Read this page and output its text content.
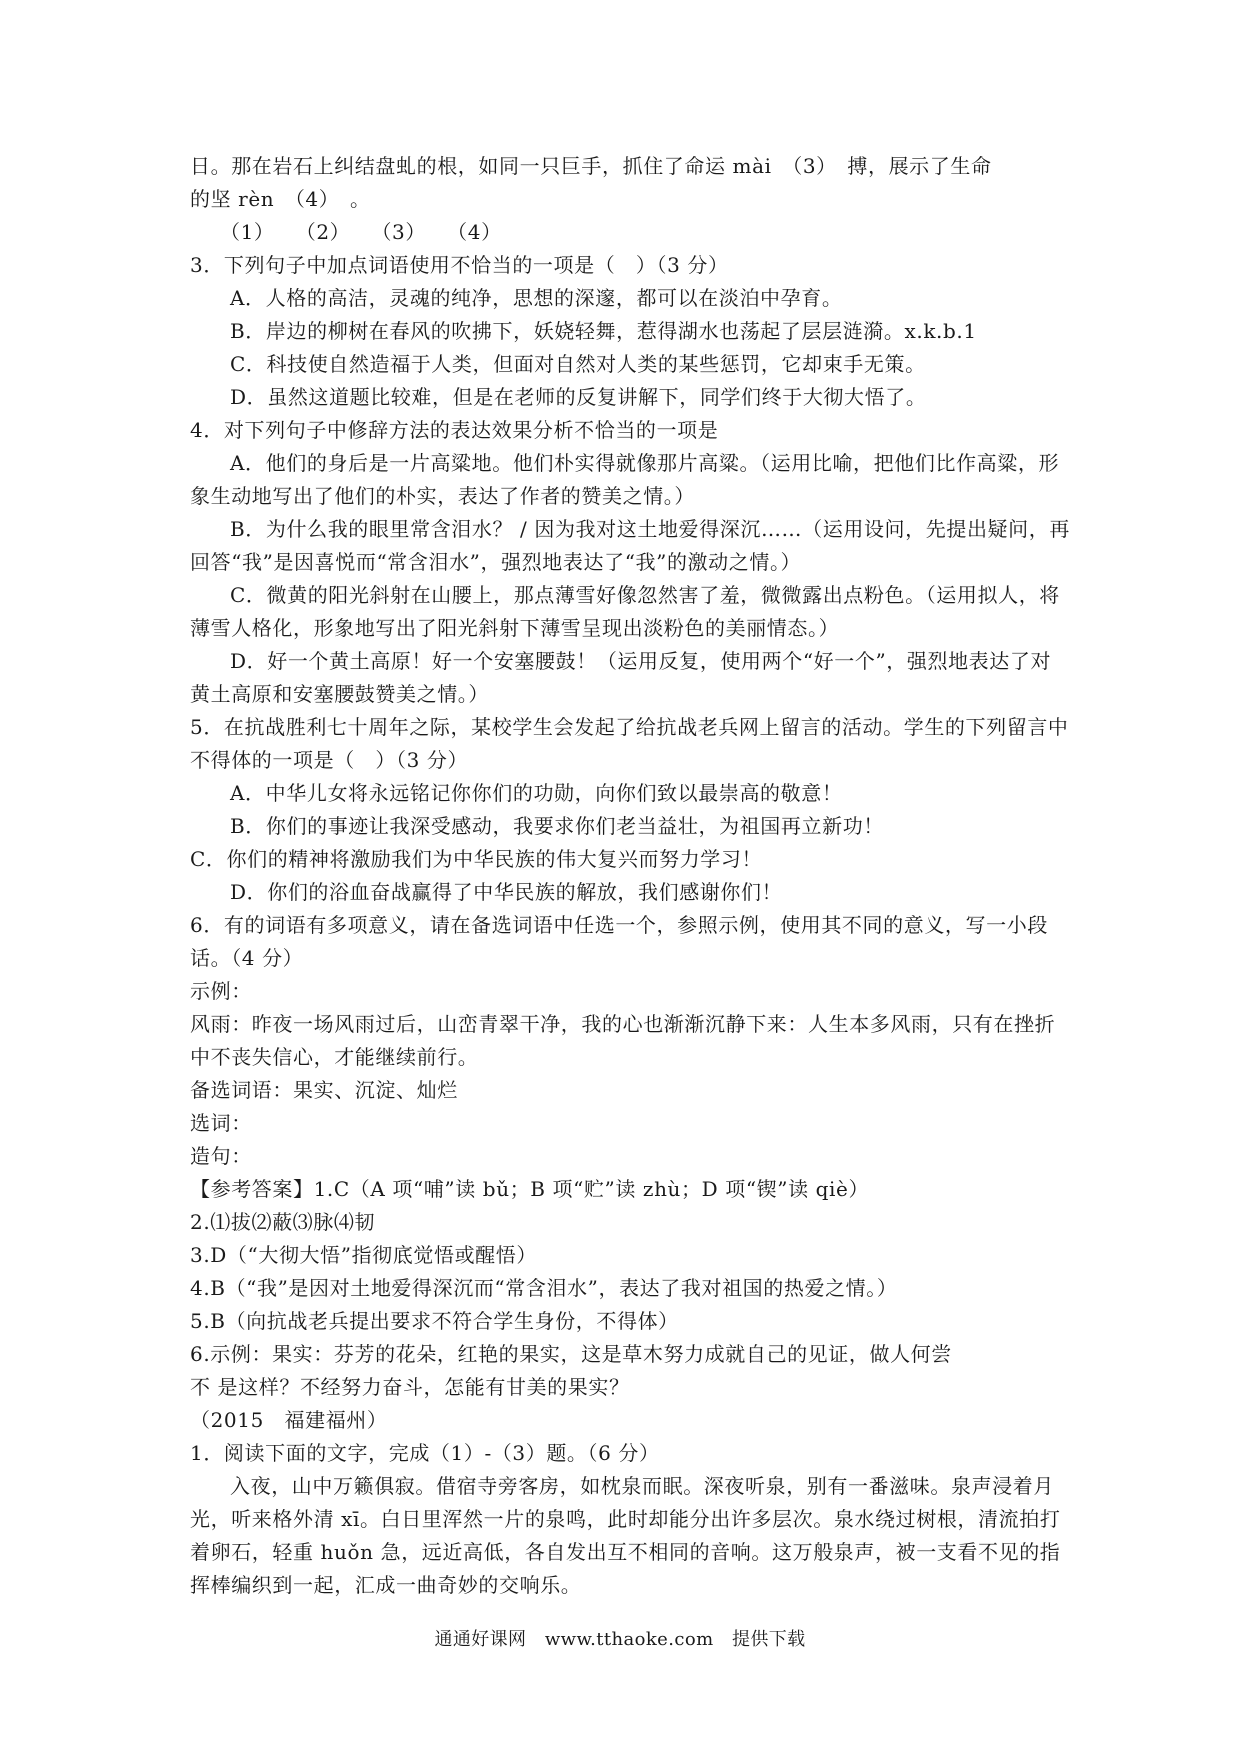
日。那在岩石上纠结盘虬的根，如同一只巨手，抓住了命运 mài　（3）　搏，展示了生命

的坚 rèn　（4）　。

（1）　　（2）　　（3）　　（4）

3．下列句子中加点词语使用不恰当的一项是（　）（3 分）

A．人格的高洁，灵魂的纯净，思想的深邃，都可以在淡泊中孕育。

B．岸边的柳树在春风的吹拂下，妖娆轻舞，惹得湖水也荡起了层层涟漪。x.k.b.1

C．科技使自然造福于人类，但面对自然对人类的某些惩罚，它却束手无策。

D．虽然这道题比较难，但是在老师的反复讲解下，同学们终于大彻大悟了。

4．对下列句子中修辞方法的表达效果分析不恰当的一项是

A．他们的身后是一片高粱地。他们朴实得就像那片高粱。（运用比喻，把他们比作高粱，形象生动地写出了他们的朴实，表达了作者的赞美之情。）

B．为什么我的眼里常含泪水？ / 因为我对这土地爱得深沉……（运用设问，先提出疑问，再回答“我”是因喜悦而“常含泪水”，强烈地表达了“我”的激动之情。）

C．微黄的阳光斜射在山腰上，那点薄雪好像忽然害了羞，微微露出点粉色。（运用拟人，将薄雪人格化，形象地写出了阳光斜射下薄雪呈现出淡粉色的美丽情态。）

D．好一个黄土高原！好一个安塞腰鼓！（运用反复，使用两个“好一个”，强烈地表达了对黄土高原和安塞腰鼓赞美之情。）

5．在抗战胜利七十周年之际，某校学生会发起了给抗战老兵网上留言的活动。学生的下列留言中不得体的一项是（　）（3 分）

A．中华儿女将永远铭记你你们的功勋，向你们致以最崇高的敬意！

B．你们的事迹让我深受感动，我要求你们老当益壮，为祖国再立新功！

C．你们的精神将激励我们为中华民族的伟大复兴而努力学习！

D．你们的浴血奋战赢得了中华民族的解放，我们感谢你们！

6．有的词语有多项意义，请在备选词语中任选一个，参照示例，使用其不同的意义，写一小段话。（4 分）

示例：

风雨：昨夜一场风雨过后，山峦青翠干净，我的心也渐渐沉静下来：人生本多风雨，只有在挫折中不丧失信心，才能继续前行。

备选词语：果实、沉淀、灿烂

选词：

造句：

【参考答案】1.C（A 项“哺”读 bǔ；B 项“贮”读 zhù；D 项“锲”读 qiè）

2.⑴拔⑵蔽⑶脉⑷韧

3.D（“大彻大悟”指彻底觉悟或醒悟）

4.B（“我”是因对土地爱得深沉而“常含泪水”，表达了我对祖国的热爱之情。）

5.B（向抗战老兵提出要求不符合学生身份，不得体）

6.示例：果实：芬芳的花朵，红艳的果实，这是草木努力成就自己的见证，做人何尝

不 是这样？不经努力奋斗，怎能有甘美的果实？

（2015　福建福州）

1．阅读下面的文字，完成（1）-（3）题。（6 分）

入夜，山中万籁俱寂。借宿寺旁客房，如枕泉而眠。深夜听泉，别有一番滋味。泉声浸着月光，听来格外清 xī。白日里浑然一片的泉鸣，此时却能分出许多层次。泉水绕过树根，清流拍打着卵石，轻重 huǒn 急，远近高低，各自发出互不相同的音响。这万般泉声，被一支看不见的指挥棒编织到一起，汇成一曲奇妙的交响乐。

通通好课网　www.tthaoke.com　提供下载
